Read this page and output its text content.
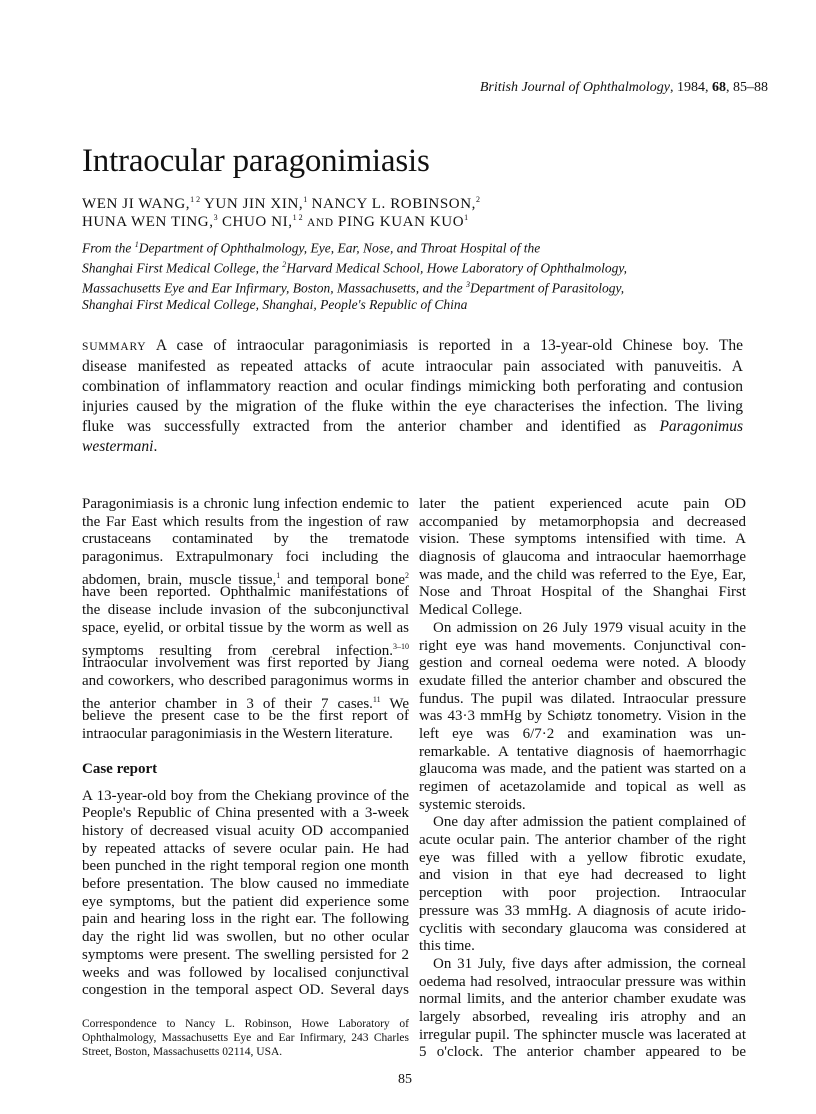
British Journal of Ophthalmology, 1984, 68, 85–88
Intraocular paragonimiasis
WEN JI WANG,$^{1 2}$ YUN JIN XIN,$^1$ NANCY L. ROBINSON,$^2$
HUNA WEN TING,$^3$ CHUO NI,$^{1 2}$ AND PING KUAN KUO$^1$
From the $^1$Department of Ophthalmology, Eye, Ear, Nose, and Throat Hospital of the
Shanghai First Medical College, the $^2$Harvard Medical School, Howe Laboratory of Ophthalmology,
Massachusetts Eye and Ear Infirmary, Boston, Massachusetts, and the $^3$Department of Parasitology,
Shanghai First Medical College, Shanghai, People's Republic of China
SUMMARY A case of intraocular paragonimiasis is reported in a 13-year-old Chinese boy. The
disease manifested as repeated attacks of acute intraocular pain associated with panuveitis. A
combination of inflammatory reaction and ocular findings mimicking both perforating and contusion
injuries caused by the migration of the fluke within the eye characterises the infection. The living
fluke was successfully extracted from the anterior chamber and identified as Paragonimus
westermani.
Paragonimiasis is a chronic lung infection endemic to
the Far East which results from the ingestion of raw
crustaceans contaminated by the trematode
paragonimus. Extrapulmonary foci including the
abdomen, brain, muscle tissue,$^1$ and temporal bone$^2$
have been reported. Ophthalmic manifestations of
the disease include invasion of the subconjunctival
space, eyelid, or orbital tissue by the worm as well as
symptoms resulting from cerebral infection.$^{3-10}$
Intraocular involvement was first reported by Jiang
and coworkers, who described paragonimus worms in
the anterior chamber in 3 of their 7 cases.$^{11}$ We
believe the present case to be the first report of
intraocular paragonimiasis in the Western literature.
Case report
A 13-year-old boy from the Chekiang province of the
People's Republic of China presented with a 3-week
history of decreased visual acuity OD accompanied
by repeated attacks of severe ocular pain. He had
been punched in the right temporal region one month
before presentation. The blow caused no immediate
eye symptoms, but the patient did experience some
pain and hearing loss in the right ear. The following
day the right lid was swollen, but no other ocular
symptoms were present. The swelling persisted for 2
weeks and was followed by localised conjunctival
congestion in the temporal aspect OD. Several days
later the patient experienced acute pain OD
accompanied by metamorphopsia and decreased
vision. These symptoms intensified with time. A
diagnosis of glaucoma and intraocular haemorrhage
was made, and the child was referred to the Eye, Ear,
Nose and Throat Hospital of the Shanghai First
Medical College.
On admission on 26 July 1979 visual acuity in the
right eye was hand movements. Conjunctival con-
gestion and corneal oedema were noted. A bloody
exudate filled the anterior chamber and obscured the
fundus. The pupil was dilated. Intraocular pressure
was 43·3 mmHg by Schiøtz tonometry. Vision in the
left eye was 6/7·2 and examination was un-
remarkable. A tentative diagnosis of haemorrhagic
glaucoma was made, and the patient was started on a
regimen of acetazolamide and topical as well as
systemic steroids.
One day after admission the patient complained of
acute ocular pain. The anterior chamber of the right
eye was filled with a yellow fibrotic exudate,
and vision in that eye had decreased to light
perception with poor projection. Intraocular
pressure was 33 mmHg. A diagnosis of acute irido-
cyclitis with secondary glaucoma was considered at
this time.
On 31 July, five days after admission, the corneal
oedema had resolved, intraocular pressure was within
normal limits, and the anterior chamber exudate was
largely absorbed, revealing iris atrophy and an
irregular pupil. The sphincter muscle was lacerated at
5 o'clock. The anterior chamber appeared to be
Correspondence to Nancy L. Robinson, Howe Laboratory of
Ophthalmology, Massachusetts Eye and Ear Infirmary, 243 Charles
Street, Boston, Massachusetts 02114, USA.
85
